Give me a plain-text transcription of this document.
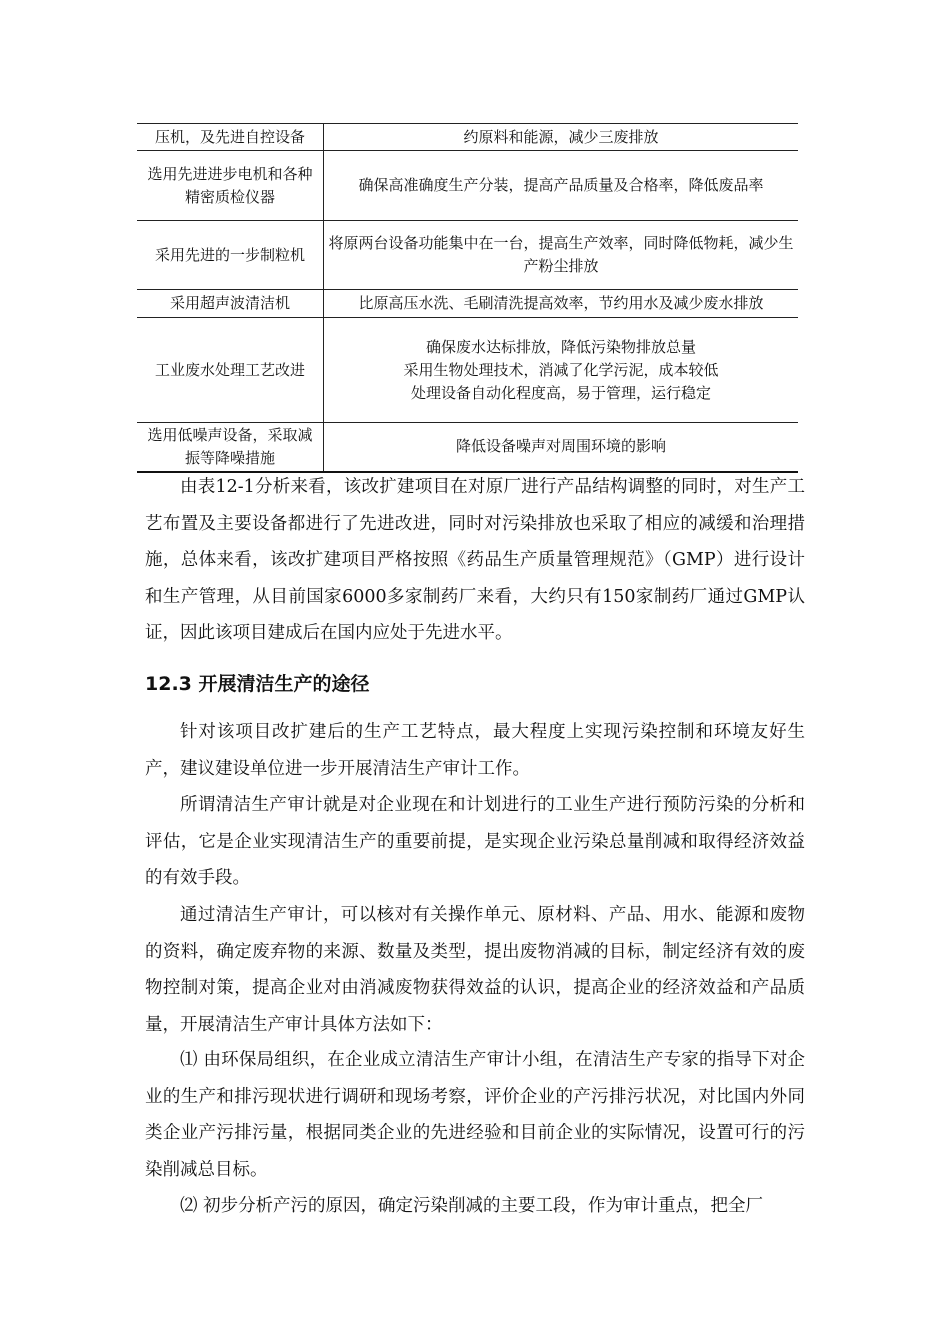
压机，及先进自控设备	约原料和能源，减少三废排放

选用先进进步电机和各种精密质检仪器	确保高准确度生产分装，提高产品质量及合格率，降低废品率

采用先进的一步制粒机	将原两台设备功能集中在一台，提高生产效率，同时降低物耗，减少生产粉尘排放

采用超声波清洁机	比原高压水洗、毛刷清洗提高效率，节约用水及减少废水排放

工业废水处理工艺改进	确保废水达标排放，降低污染物排放总量
采用生物处理技术，消减了化学污泥，成本较低
处理设备自动化程度高，易于管理，运行稳定

选用低噪声设备，采取减振等降噪措施	降低设备噪声对周围环境的影响

由表12-1分析来看，该改扩建项目在对原厂进行产品结构调整的同时，对生产工艺布置及主要设备都进行了先进改进，同时对污染排放也采取了相应的减缓和治理措施，总体来看，该改扩建项目严格按照《药品生产质量管理规范》（GMP）进行设计和生产管理，从目前国家6000多家制药厂来看，大约只有150家制药厂通过GMP认证，因此该项目建成后在国内应处于先进水平。

12.3 开展清洁生产的途径

针对该项目改扩建后的生产工艺特点，最大程度上实现污染控制和环境友好生产，建议建设单位进一步开展清洁生产审计工作。

所谓清洁生产审计就是对企业现在和计划进行的工业生产进行预防污染的分析和评估，它是企业实现清洁生产的重要前提，是实现企业污染总量削减和取得经济效益的有效手段。

通过清洁生产审计，可以核对有关操作单元、原材料、产品、用水、能源和废物的资料，确定废弃物的来源、数量及类型，提出废物消减的目标，制定经济有效的废物控制对策，提高企业对由消减废物获得效益的认识，提高企业的经济效益和产品质量，开展清洁生产审计具体方法如下：

⑴ 由环保局组织，在企业成立清洁生产审计小组，在清洁生产专家的指导下对企业的生产和排污现状进行调研和现场考察，评价企业的产污排污状况，对比国内外同类企业产污排污量，根据同类企业的先进经验和目前企业的实际情况，设置可行的污染削减总目标。

⑵ 初步分析产污的原因，确定污染削减的主要工段，作为审计重点，把全厂
